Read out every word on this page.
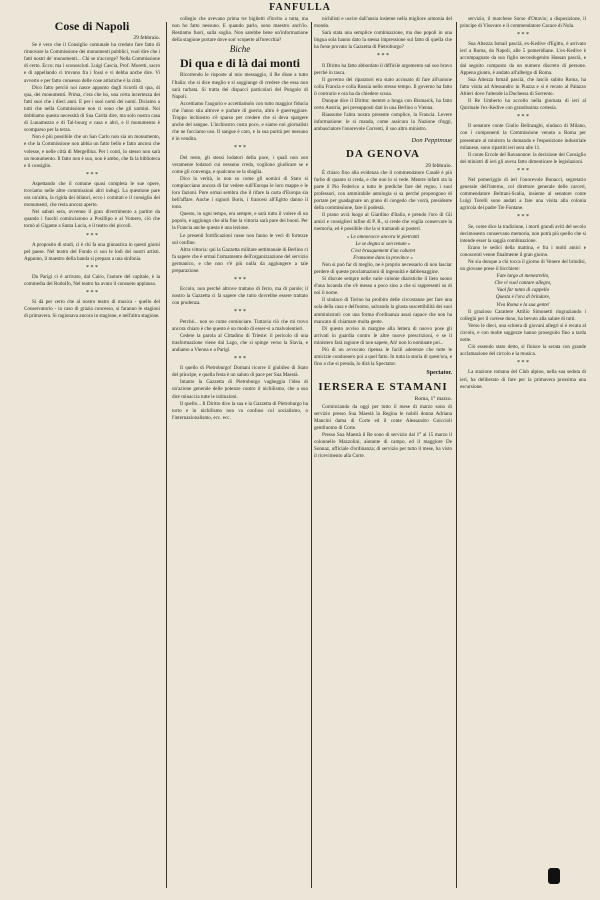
FANFULLA
Cose di Napoli

29 febbraio.

Se è vero che il Consiglio comunale ha creduto fare fatto di rinnovare la Commissione dei monumenti pubblici, vuol dire che i fatti nostri de' monumenti... Chi se n'accorge? Nella Commissione di certo. Ecco; ma i sconosciuti. Luigi Cascia, Prof. Moretti, sacro e di appellando ci trovano fra i fossi e vi debba anche dire. Vi avverto e per fatto consesso delle cose artistiche è la città.

Dico fatto perciò noi nasce appunto dagli ricordi di qua, di qua, dei monumenti. Prima, c'era che ho, una certa incertezza dei fatti suoi che i dieci anni. E per i suoi nomi dei nomi. Diciamo a tutti che nella Commissione non ci sono che gli uomini. Noi dobbiamo questa necessità di Sua Carità dire, ma solo nostra casa di Lunamezzo e di Tal-bourg e casa e altri, e il monumento è scomparso per la terza.

Non è più possibile che un San Carlo non sia un monumento, e che la Commissione non abbia un fatto bello e fatto ancora che volesse, e nelle città di Mergellina. Per i conti, lo stesso non sarà un monumento. Il fatto non è suo, non è ambo, che fa la biblioteca e il consiglio.

* * *

Aspettando che il comune quasi completa le sue opere, troviamo nelle altre commissioni altri indugi. La questione pare ora un'altra, la rigida dei bilanci, ecco i comitati e il consiglio dei monumenti, che resta ancora aperto.

Nei sabati sera, avvenne il gran divertimento a partire da quando i fuochi cominciarono a Posillipo e al Vomero, ciò che tornò al Gigante a Santa Lucia, e il teatro dei piccoli.

* * *

A proposito di studi, ci è chi fa una ginnastica in questi giorni pel paese. Nel teatro del Fondo ci son le lodi dei nostri artisti. Appunto, il maestro della banda si prepara a una sinfonia.

* * *

Da Parigi ci è arrivato, dal Cairo, l'autore del capitale, è la commedia del Rodolfo, Nel teatro ha avuto il consueto applauso.

* * *

Si dà per certo che al nostro teatro di musica - quello del Conservatorio - in caso di grazia concesso, si faranno le stagioni di primavera. Si ragionava ancora in stagione, e nell'altra stagione.

collegio che avevano prima tre biglietti d'invito a tutta, ma non ho fatto nessuno. E quando parlo, sono maestro anch'io. Restiamo fuori, sulla soglia. Non sarebbe bene un'informazione della stagione portare dove son' scoperte all'orecchia?

Biche

Di qua e di là dai monti

Ricorrendo le risposte al mio messaggio, il Re disse a tutto l'Italia: che si dice meglio e si soggiunge di credere che essa non sarà turbata. Si tratta dei dispacci particolari del Pungolo di Napoli.

Accettiamo l'augurio e accettiamolo con tutto maggior fiducia che l'anno stia altrove e parlare di guerra, altro è guerreggiare. Troppo inchiostro s'è sparso per credere che si deva spargere anche del sangue. L'inchiostro costa poco, e siamo noi giornalisti che ne facciamo uso. Il sangue è caro, e la sua purità per nessuno è in vendita.

* * *

Del resto, gli stessi lodatori della pace, i quali non son veramente lodatori cui nessuno creda, vogliono giudicare se e come gli convenga, e qualcuno se la sbaglia.

Dico la verità, io non so come gli uomini di Stato si compiacciano ancora di far vedere sull'Europa le loro mappe e le loro fazioni. Pure ormai sembra che il rifare la carta d'Europa sia bell'affare. Anche i signori Boris, i francesi all'Egitto danno il tono.

Questo, in ogni tempo, era sempre, e sarà tutto il volere di un popolo, e aggiungo che alla fine la vittoria sarà pure dei buoni. Per la Francia anche questa è una lezione.

Le presenti fortificazioni russe non fanno le veci di fortezze sul confine.

Altra vittoria: qui la Gazzetta militare settimanale di Berlino ci fa sapere che è ormai l'armamento dell'organizzazione del servizio germanico, e che non v'è più nulla da aggiungere a tale preparazione.

* * *

Eccolo, non perché altrove trattano di ferro, ma di parole; il nostro la Gazzetta ci fa sapere che tutto dovrebbe essere trattato con prudenza.

* * *

Perché... non so come cominciare. Tuttavia ciò che mi trovo ancora chiaro è che questo è un modo di esser-si a malvolentieri.

Cedere la parola al Cittadino di Trieste: il pericolo di una trasformazione viene dal Lago, che si spinge verso la Slavia, e andiamo a Vienna e a Parigi.

* * *

Il quello di Pietroburgo! Domani ricorre il giubileo di Stato del principe, e quella festa è un saluto di pace per Sua Maestà.

Intanto la Gazzetta di Pietroburgo vagheggia l'idea di un'azione generale delle potenze contro il nichilismo, che a suo dire minaccia tutte le istituzioni.

Il quello... Il Diritto dice la sua e la Gazzetta di Pietroburgo ha torto e in nichilismo non va confuso col socialismo, o l'internazionalismo, ecc. ecc.

nichilisti e uscire dall'ansia insieme nella migliore armonia del mondo.

Sarà stata una semplice combinazione, ma due popoli in una lingua sola hanno dato la stessa impressione sul fatto di quella che ha forse provato la Gazzetta di Pietroburgo?

* * *

Il Diritto ha fatto abbordato il difficile argomento sul suo bravo perché in tasca.

Il governo dei riparatori era stato accusato di fare all'unione colla Francia e colla Russia nello stesso tempo. Il governo ha fatto il contrario e ora ha da chiedere scusa.

Dunque dice il Diritto: mentre a lunga con Bismarck, ha fatto certo Austria, pei presupposti dati in una Berlino o Vienna.

Riassume l'altra nostra presente complice, la Francia. Levere informazione: le si manda, come assicura la Nazione d'oggi, ambasciatore l'onorevole Correnti, il suo altro ministro.

Don Peppinoue

DA GENOVA

29 febbraio.

È chiaro fino alla evidenza che il commendatore Casalè è più furbo di quanto si creda, e che non lo si vede. Mentre infatti sta la parte il Pio Federico a tutto le prediche fare del regno, i suoi professori, con ammirabile antologia si sa perché propongono di portare per guadagnare un grano di congedo che vorrà, presidente della commissione, fare il podestà.

Il prano avrà luogo al Giardino d'Italia, e prendo l'oro di Gli amici e consiglieri infine di P. R., sì crede che voglia conservare la memoria, ed è possibile che la si tramandi ai posteri.

« Le omnoracce ancora le pietranti

Le se degna si son tenute »

C'est brusquement d'un cabaret

Fransome dans la province »

Non si può far di meglio, ne è proprio necessario di non lasciar perdere di queste proclamazioni di ingenuità e dabbenaggine.

Si discute sempre nelle varie colonie diaristiche il lieto suono d'una locanda che s'è messo a poco sino a che si rappresenti su di noi il nome.

Il sindaco di Torino ha proibito delle circostanze per fare una sola della casa e dell'uomo, salvando la giusta suscettibilità dei suoi amministrati: con una forma d'ordinanza assai capace che non ha mancato di chiamare molta gente.

Di questo avviso in margine alla lettera di nuovo pose gli arrivati in guardia contro le altre nuove prescrizioni, e se il ministero farà ragione di non sapere, Ah! non lo nominate poi...

Più di un avvocato ripensa le facili aderenze che tutte le amicizie condussero poi a quel fatto. In tutta la storia di quest'ora, e fino a che si prenda, lo dirà la Spectator.

Spectator.

IERSERA E STAMANI

Roma, 1° marzo.

Cominciando da oggi per tutto il mese di marzo sono di servizio presso Sua Maestà la Regina le nobili donna Adriana Mancini dama di Corte ed il conte Alessandro Guiccioli gentiluomo di Corte.

Presso Sua Maestà il Re sono di servizio dal 1° al 15 marzo il colonnello Mazzolini, aiutante di campo, ed il maggiore De Sonnaz, ufficiale d'ordinanza; di servizio per tutto il mese, ha visto il ricevimento alla Corte.

servizio, il marchese Sorso d'Ottavio; a disposizione, il principe di Visovaro e il commendatore Cacace di Nola.

* * *

Sua Altezza Ismail pascià, ex-Kedive d'Egitto, è arrivato ieri a Roma, da Napoli, alle 5 pomeridiane. L'ex-Kedive è accompagnato da suo figlio secondogenito Hassan pascià, e dal seguito composto da un numero discreto di persone. Appena giunto, è andato all'albergo di Roma.

Sua Altezza Ismail pascià, che lasciò subito Roma, ha fatto visita ad Alessandro in Piazza e si è recato al Palazzo Altieri dove l'attende la Duchessa di Sorrento.

Il Re Umberto ha accolto nella giornata di ieri al Quirinale l'ex-Kedive con grandissima cortesia.

* * *

Il senatore conte Giulio Belinzaghi, sindaco di Milano, con i componenti la Commissione venuta a Roma per presentare al ministro la domanda e l'esposizione industriale milanese, sono ripartiti ieri sera alle 11.

Il conte Ercole del Ravanonne: la decisione del Consiglio dei ministri di ieri gli aveva fatto dimenticare le legislazioni.

* * *

Nel pomeriggio di ieri l'onorevole Bonacci, segretario generale dell'interno, col direttore generale delle carceri, commendatore Beltrani-Scalia, insieme al senatore conte Luigi Torelli sono andati a fare una visita alla colonia agricola del padre Tre Fontane.

* * *

Se, come dice la tradizione, i morti grandi aviti del secolo decimosesto conservano memoria, non potrà più quello che si intende esser la saggia combinazione.

Erano le sedici della mattina, e fra i molti amici e conoscenti venne finalmente il gran giorno.

Ne sia dunque a chi tocca il giorno di Venere del brindisi, un giovane prese il bicchiere:

Fate largo al menestrello,

Che vi vuol cantare allegro,

Vuol far tanto di cappello

Questa è l'ora di brindare,

Viva Roma e la sua gente!

Il grazioso Carattere Attilio Simonetti ringraziando i colleghi per il cortese dono, ha bevuto alla salute di tutti.

Verso le dieci, una schiera di giovani allegri si è recata al circolo, e con molte saggezze hanno proseguito fino a tarda notte.

Ciò essendo stato detto, si finisce la serata con grande acclamazione del circolo e la musica.

* * *

La stazione romana del Club alpino, nella sua seduta di ieri, ha deliberato di fare per la primavera prossima una escursione.
